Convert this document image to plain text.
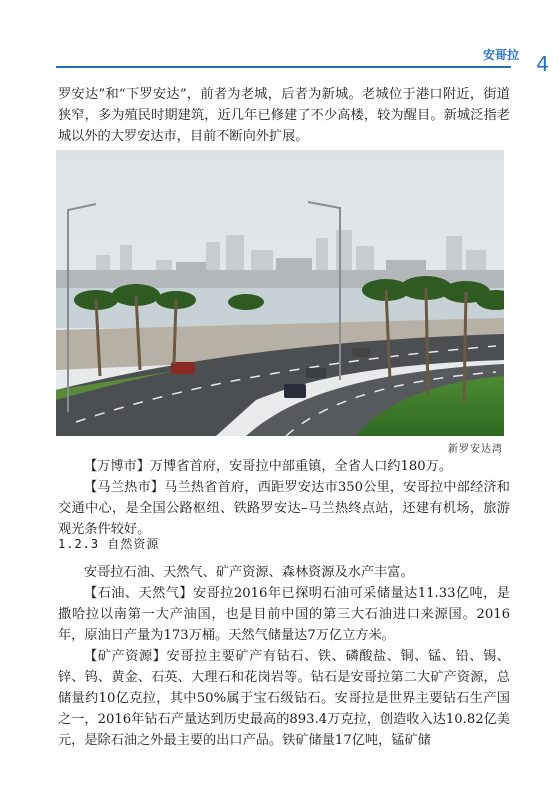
安哥拉 4

罗安达”和“下罗安达”，前者为老城，后者为新城。老城位于港口附近，街道狭窄，多为殖民时期建筑，近几年已修建了不少高楼，较为醒目。新城泛指老城以外的大罗安达市，目前不断向外扩展。

新罗安达湾

【万博市】万博省首府，安哥拉中部重镇，全省人口约180万。

【马兰热市】马兰热省首府，西距罗安达市350公里，安哥拉中部经济和交通中心，是全国公路枢纽、铁路罗安达–马兰热终点站，还建有机场，旅游观光条件较好。

1.2.3 自然资源

安哥拉石油、天然气、矿产资源、森林资源及水产丰富。

【石油、天然气】安哥拉2016年已探明石油可采储量达11.33亿吨，是撒哈拉以南第一大产油国，也是目前中国的第三大石油进口来源国。2016年，原油日产量为173万桶。天然气储量达7万亿立方米。

【矿产资源】安哥拉主要矿产有钻石、铁、磷酸盐、铜、锰、铅、锡、锌、钨、黄金、石英、大理石和花岗岩等。钻石是安哥拉第二大矿产资源，总储量约10亿克拉，其中50%属于宝石级钻石。安哥拉是世界主要钻石生产国之一，2016年钻石产量达到历史最高的893.4万克拉，创造收入达10.82亿美元，是除石油之外最主要的出口产品。铁矿储量17亿吨，锰矿储
